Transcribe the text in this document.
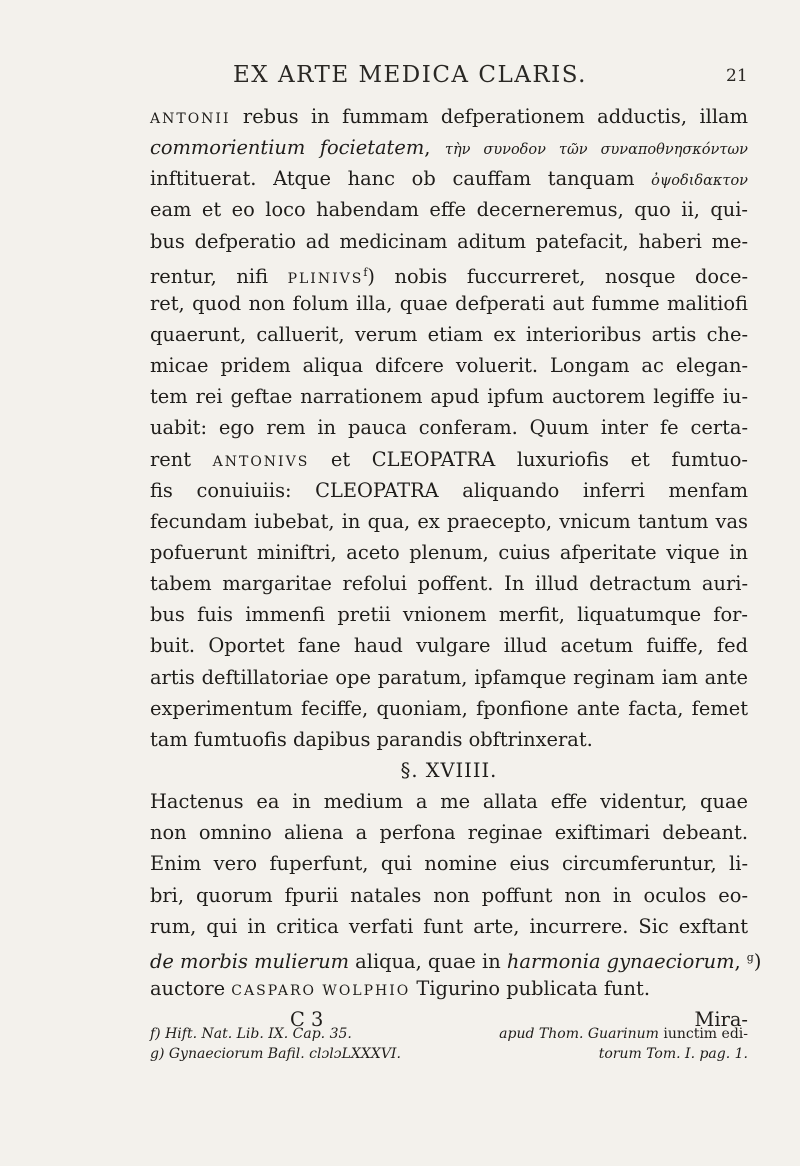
EX ARTE MEDICA CLARIS.	21
ANTONII rebus in fummam defperationem adductis, illam
commorientium focietatem, τὴν συνοδον τῶν συναποθνησκόντων
inftituerat. Atque hanc ob cauffam tanquam ὀψοδιδακτον
eam et eo loco habendam effe decerneremus, quo ii, qui-
bus defperatio ad medicinam aditum patefacit, haberi me-
rentur, nifi PLINIVS$^f$) nobis fuccurreret, nosque doce-
ret, quod non folum illa, quae defperati aut fumme malitiofi
quaerunt, calluerit, verum etiam ex interioribus artis che-
micae pridem aliqua difcere voluerit. Longam ac elegan-
tem rei geftae narrationem apud ipfum auctorem legiffe iu-
uabit: ego rem in pauca conferam. Quum inter fe certa-
rent ANTONIVS et CLEOPATRA luxuriofis et fumtuo-
fis conuiuiis: CLEOPATRA aliquando inferri menfam
fecundam iubebat, in qua, ex praecepto, vnicum tantum vas
pofuerunt miniftri, aceto plenum, cuius afperitate vique in
tabem margaritae refolui poffent. In illud detractum auri-
bus fuis immenfi pretii vnionem merfit, liquatumque for-
buit. Oportet fane haud vulgare illud acetum fuiffe, fed
artis deftillatoriae ope paratum, ipfamque reginam iam ante
experimentum feciffe, quoniam, fponfione ante facta, femet
tam fumtuofis dapibus parandis obftrinxerat.
§. XVIIII.
Hactenus ea in medium a me allata effe videntur, quae
non omnino aliena a perfona reginae exiftimari debeant.
Enim vero fuperfunt, qui nomine eius circumferuntur, li-
bri, quorum fpurii natales non poffunt non in oculos eo-
rum, qui in critica verfati funt arte, incurrere. Sic exftant
de morbis mulierum aliqua, quae in harmonia gynaeciorum, $^g$)
auctore CASPARO WOLPHIO Tigurino publicata funt.
C 3	Mira-
f) Hift. Nat. Lib. IX. Cap. 35.	apud Thom. Guarinum iunctim edi-
g) Gynaeciorum Bafil. clɔlɔLXXXVI.	torum Tom. I. pag. 1.
